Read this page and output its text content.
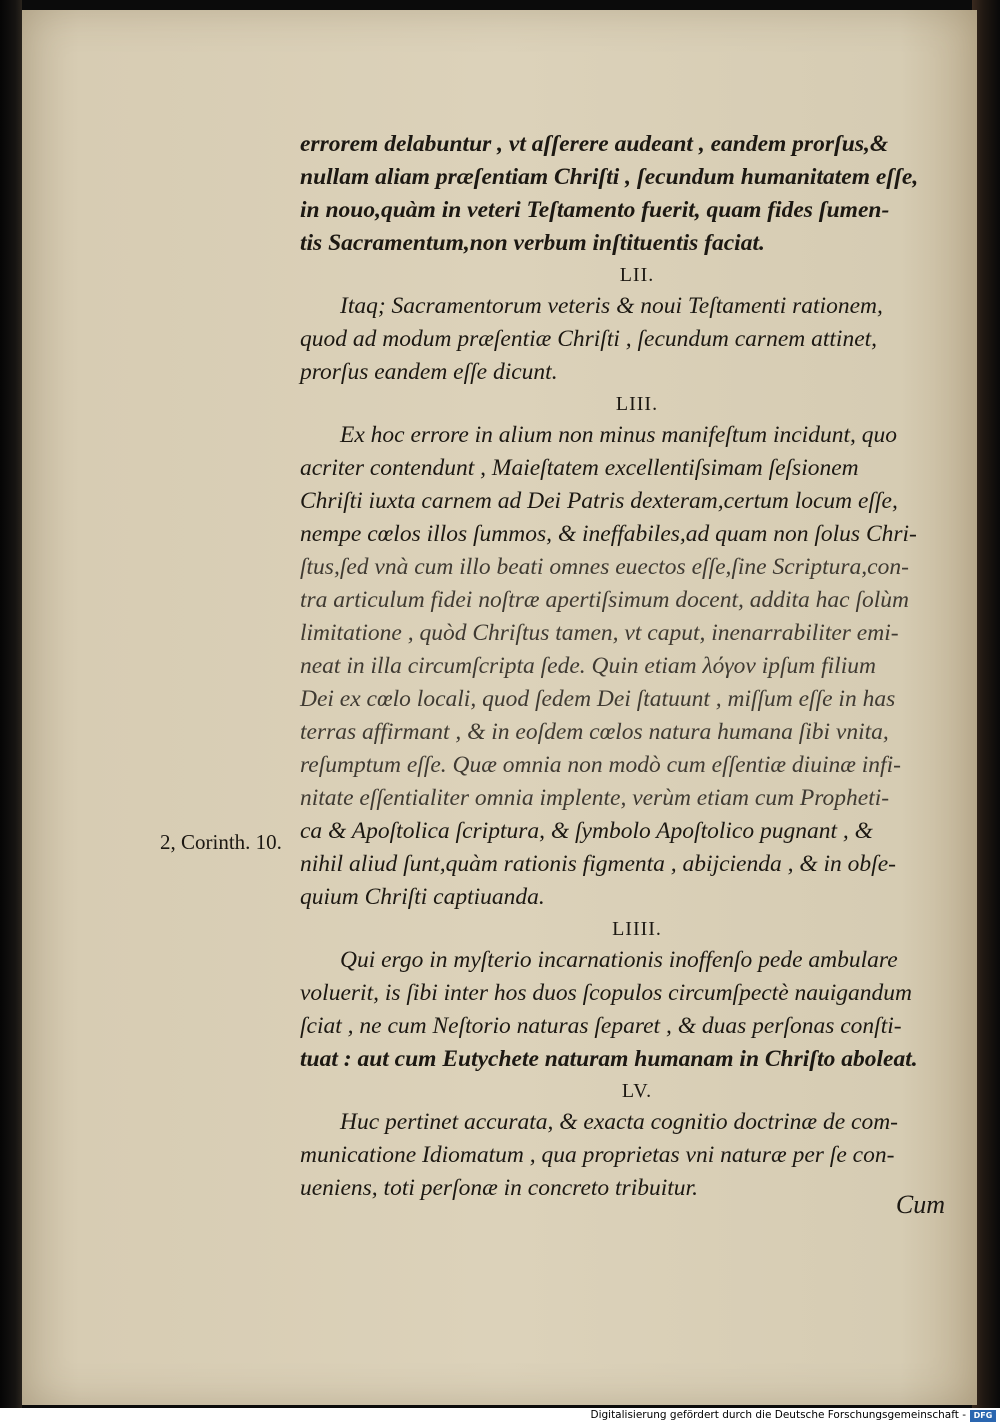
errorem delabuntur , vt aſſerere audeant , eandem prorſus,&
nullam aliam præſentiam Chriſti , ſecundum humanitatem eſſe,
in nouo,quàm in veteri Teſtamento fuerit, quam fides ſumen-
tis Sacramentum,non verbum inſtituentis faciat.
LII.
Itaq; Sacramentorum veteris & noui Teſtamenti rationem,
quod ad modum præſentiæ Chriſti , ſecundum carnem attinet,
prorſus eandem eſſe dicunt.
LIII.
Ex hoc errore in alium non minus manifeſtum incidunt, quo
acriter contendunt , Maieſtatem excellentiſsimam ſeſsionem
Chriſti iuxta carnem ad Dei Patris dexteram,certum locum eſſe,
nempe cœlos illos ſummos, & ineffabiles,ad quam non ſolus Chri-
ſtus,ſed vnà cum illo beati omnes euectos eſſe,ſine Scriptura,con-
tra articulum fidei noſtræ apertiſsimum docent, addita hac ſolùm
limitatione , quòd Chriſtus tamen, vt caput, inenarrabiliter emi-
neat in illa circumſcripta ſede. Quin etiam λόγον ipſum filium
Dei ex cœlo locali, quod ſedem Dei ſtatuunt , miſſum eſſe in has
terras affirmant , & in eoſdem cœlos natura humana ſibi vnita,
reſumptum eſſe. Quæ omnia non modò cum eſſentiæ diuinæ infi-
nitate eſſentialiter omnia implente, verùm etiam cum Propheti-
ca & Apoſtolica ſcriptura, & ſymbolo Apoſtolico pugnant , &
nihil aliud ſunt,quàm rationis figmenta , abijcienda , & in obſe-
quium Chriſti captiuanda.
LIIII.
Qui ergo in myſterio incarnationis inoffenſo pede ambulare
voluerit, is ſibi inter hos duos ſcopulos circumſpectè nauigandum
ſciat , ne cum Neſtorio naturas ſeparet , & duas perſonas conſti-
tuat : aut cum Eutychete naturam humanam in Chriſto aboleat.
LV.
Huc pertinet accurata, & exacta cognitio doctrinæ de com-
municatione Idiomatum , qua proprietas vni naturæ per ſe con-
ueniens, toti perſonæ in concreto tribuitur.
Cum
2, Corinth. 10.
Digitalisierung gefördert durch die Deutsche Forschungsgemeinschaft - DFG
